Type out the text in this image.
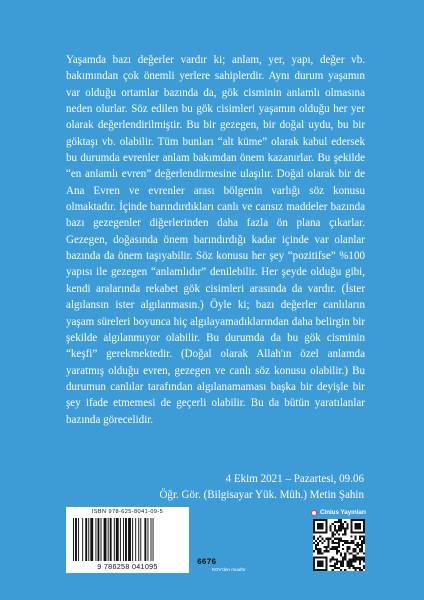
Yaşamda bazı değerler vardır ki; anlam, yer, yapı, değer vb. bakımından çok önemli yerlere sahiplerdir. Aynı durum yaşamın var olduğu ortamlar bazında da, gök cisminin anlamlı olmasına neden olurlar. Söz edilen bu gök cisimleri yaşamın olduğu her yer olarak değerlendirilmiştir. Bu bir gezegen, bir doğal uydu, bu bir göktaşı vb. olabilir. Tüm bunları “alt küme” olarak kabul edersek bu durumda evrenler anlam bakımdan önem kazanırlar. Bu şekilde “en anlamlı evren” değerlendirmesine ulaşılır. Doğal olarak bir de Ana Evren ve evrenler arası bölgenin varlığı söz konusu olmaktadır. İçinde barındırdıkları canlı ve cansız maddeler bazında bazı gezegenler diğerlerinden daha fazla ön plana çıkarlar. Gezegen, doğasında önem barındırdığı kadar içinde var olanlar bazında da önem taşıyabilir. Söz konusu her şey “pozitifse” %100 yapısı ile gezegen “anlamlıdır” denilebilir. Her şeyde olduğu gibi, kendi aralarında rekabet gök cisimleri arasında da vardır. (İster algılansın ister algılanmasın.) Öyle ki; bazı değerler canlıların yaşam süreleri boyunca hiç algılayamadıklarından daha belirgin bir şekilde algılanmıyor olabilir. Bu durumda da bu gök cisminin “keşfi” gerekmektedir. (Doğal olarak Allah'ın özel anlamda yaratmış olduğu evren, gezegen ve canlı söz konusu olabilir.) Bu durumun canlılar tarafından algılanamaması başka bir deyişle bir şey ifade etmemesi de geçerli olabilir. Bu da bütün yaratılanlar bazında görecelidir.

4 Ekim 2021 – Pazartesi, 09.06
Öğr. Gör. (Bilgisayar Yük. Müh.) Metin Şahin
ISBN 978-625-8041-09-5
9 786258 041095	6676
KDV'den muaftır
Cinius Yayınları
